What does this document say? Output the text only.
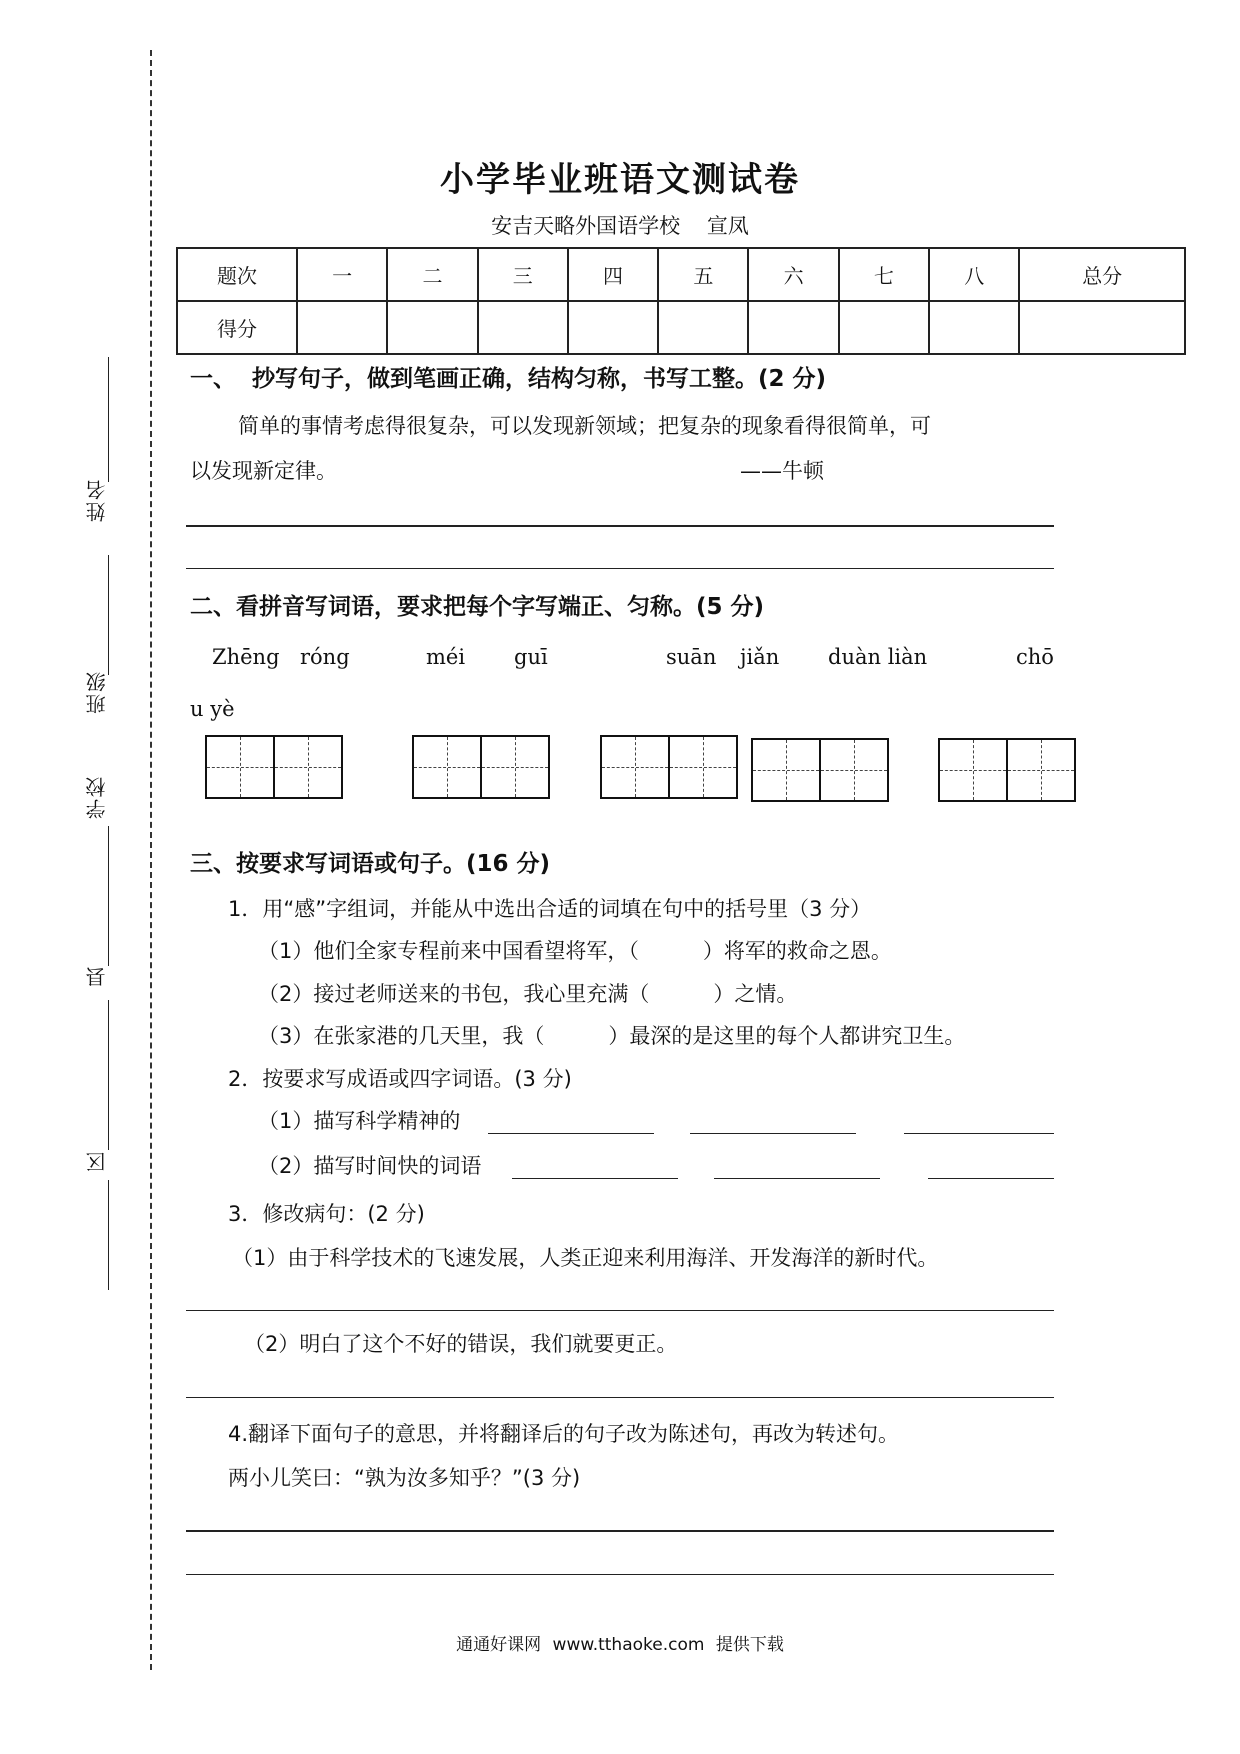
姓名
班级
学校
县
区
小学毕业班语文测试卷
安吉天略外国语学校 宣凤
题次	一	二	三	四	五	六	七	八	总分
得分									
一、  抄写句子，做到笔画正确，结构匀称，书写工整。(2 分)
简单的事情考虑得很复杂，可以发现新领域；把复杂的现象看得很简单，可
以发现新定律。	——牛顿
二、看拼音写词语，要求把每个字写端正、匀称。(5 分)
Zhēng róng	méi guī	suān jiǎn duàn liàn	chō
u yè
三、按要求写词语或句子。(16 分)
1．用“感”字组词，并能从中选出合适的词填在句中的括号里（3 分）
（1）他们全家专程前来中国看望将军，（	）将军的救命之恩。
（2）接过老师送来的书包，我心里充满（	）之情。
（3）在张家港的几天里，我（	）最深的是这里的每个人都讲究卫生。
2．按要求写成语或四字词语。(3 分)
（1）描写科学精神的
（2）描写时间快的词语
3．修改病句：(2 分)
（1）由于科学技术的飞速发展，人类正迎来利用海洋、开发海洋的新时代。
（2）明白了这个不好的错误，我们就要更正。
4.翻译下面句子的意思，并将翻译后的句子改为陈述句，再改为转述句。
两小儿笑曰：“孰为汝多知乎？”(3 分)
通通好课网 www.tthaoke.com 提供下载
